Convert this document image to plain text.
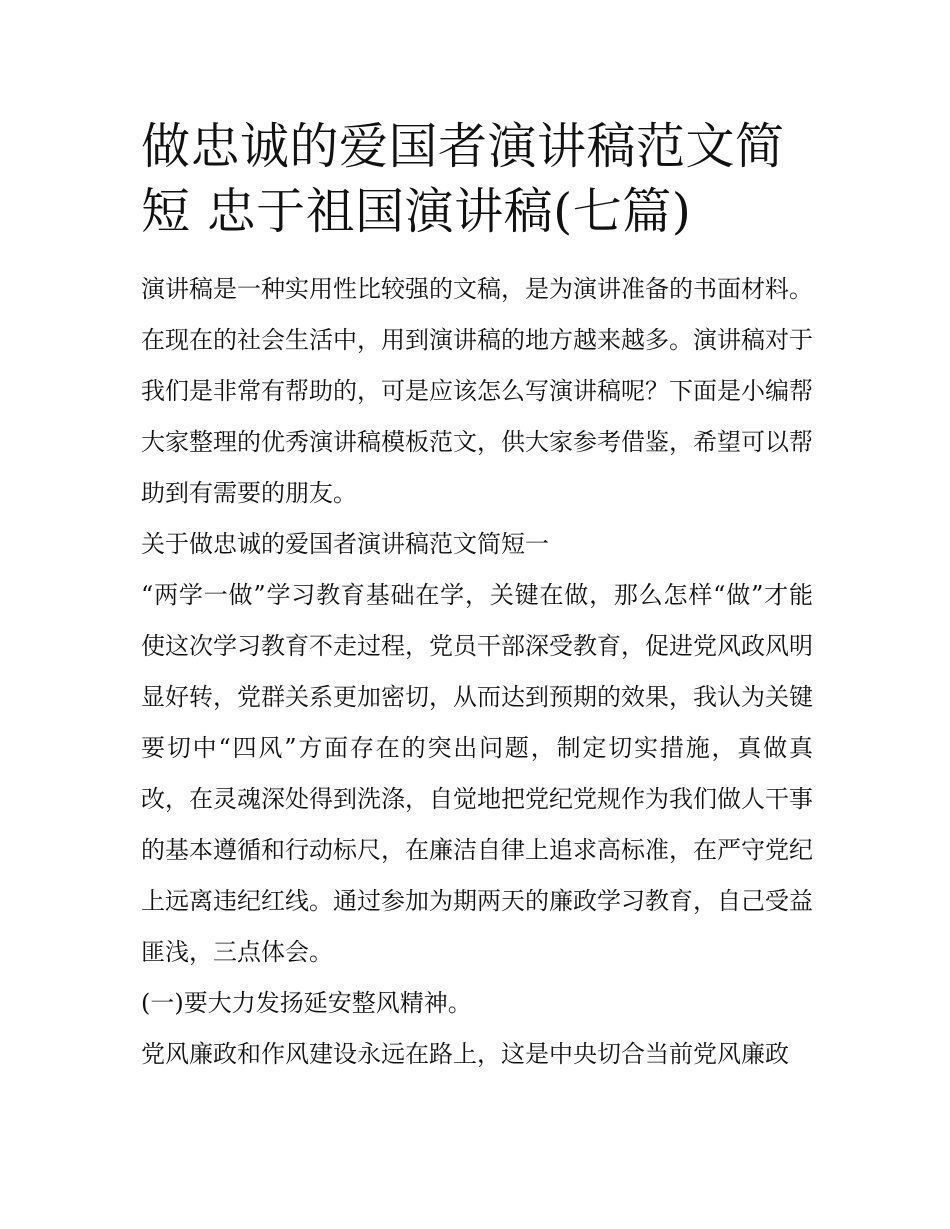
做忠诚的爱国者演讲稿范文简短 忠于祖国演讲稿(七篇)

演讲稿是一种实用性比较强的文稿，是为演讲准备的书面材料。在现在的社会生活中，用到演讲稿的地方越来越多。演讲稿对于我们是非常有帮助的，可是应该怎么写演讲稿呢？下面是小编帮大家整理的优秀演讲稿模板范文，供大家参考借鉴，希望可以帮助到有需要的朋友。

关于做忠诚的爱国者演讲稿范文简短一

“两学一做”学习教育基础在学，关键在做，那么怎样“做”才能使这次学习教育不走过程，党员干部深受教育，促进党风政风明显好转，党群关系更加密切，从而达到预期的效果，我认为关键要切中“四风”方面存在的突出问题，制定切实措施，真做真改，在灵魂深处得到洗涤，自觉地把党纪党规作为我们做人干事的基本遵循和行动标尺，在廉洁自律上追求高标准，在严守党纪上远离违纪红线。通过参加为期两天的廉政学习教育，自己受益匪浅，三点体会。

(一)要大力发扬延安整风精神。

党风廉政和作风建设永远在路上，这是中央切合当前党风廉政
